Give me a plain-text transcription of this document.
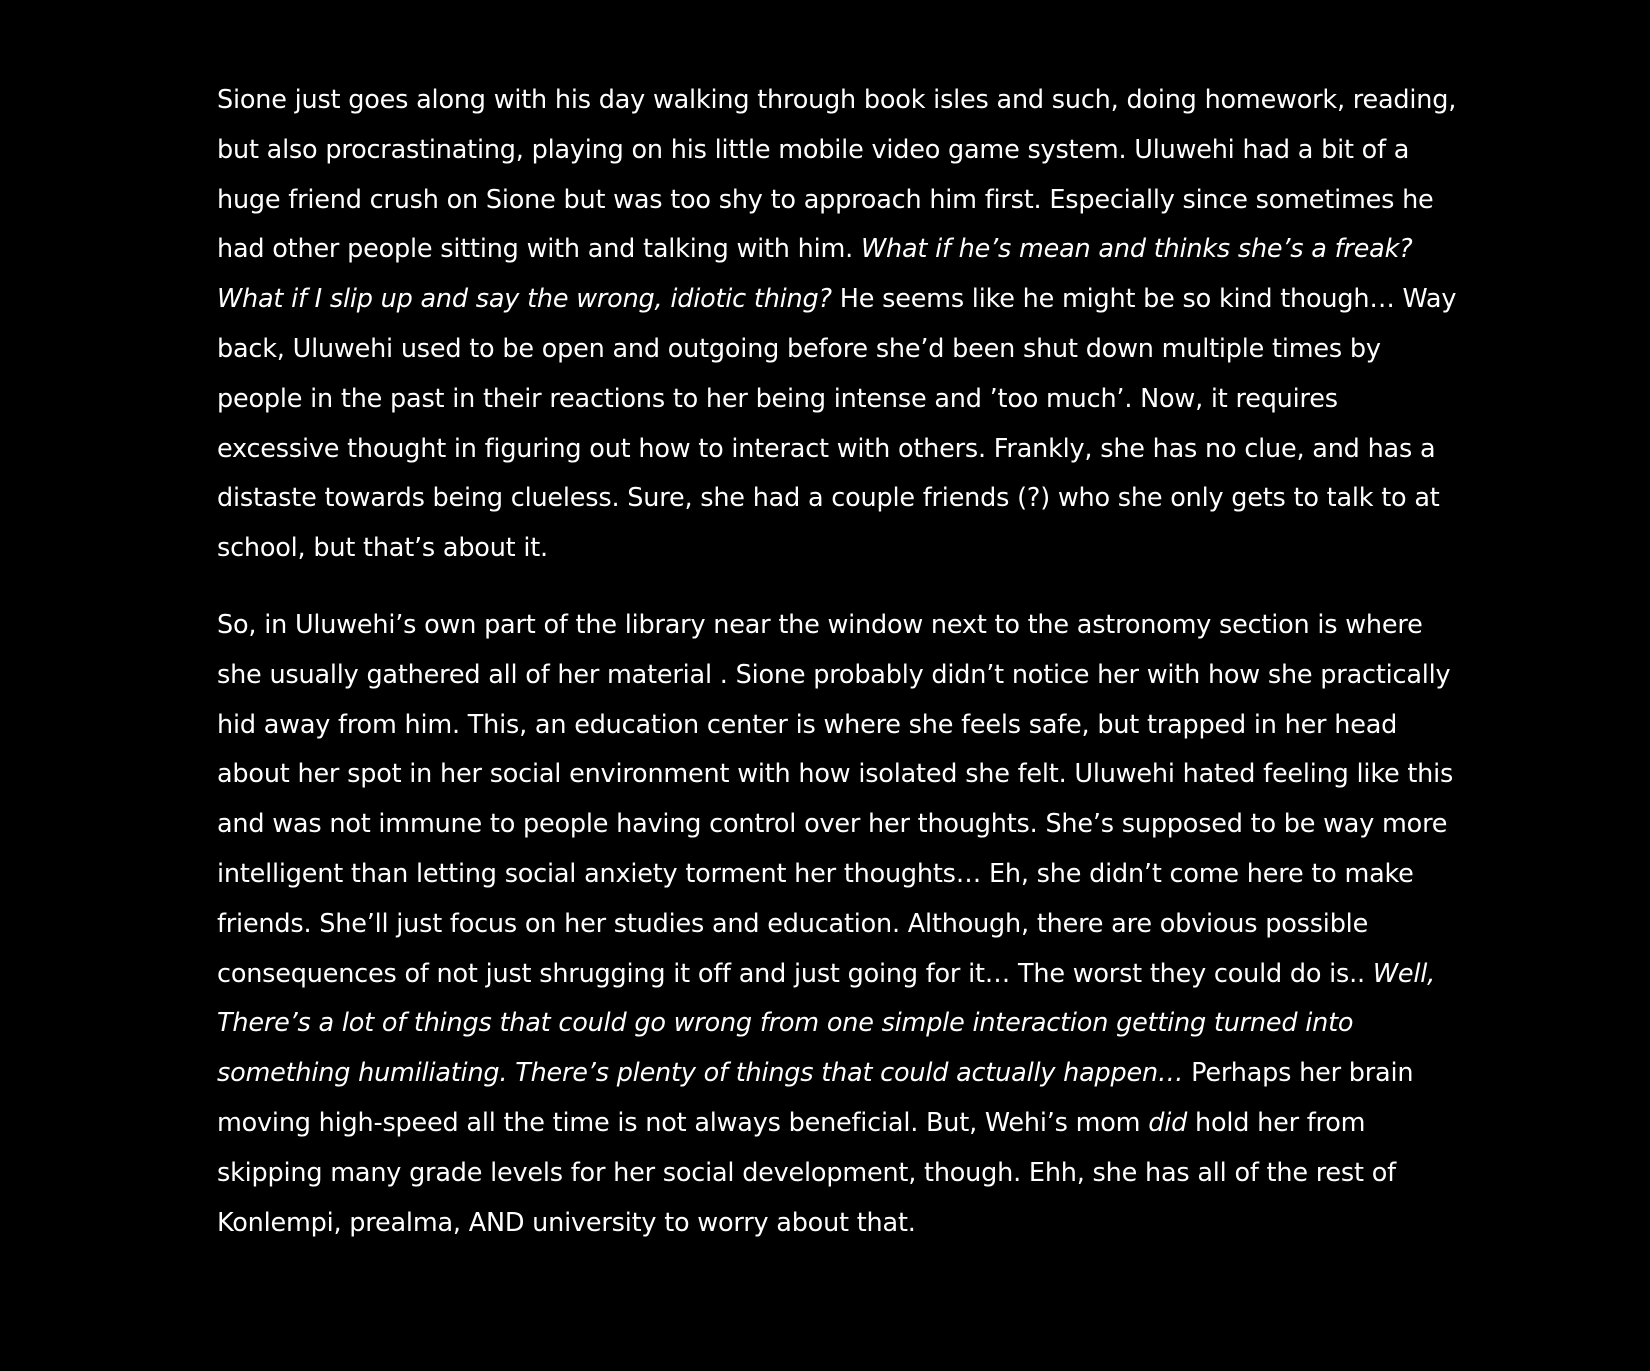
Sione just goes along with his day walking through book isles and such, doing homework, reading, but also procrastinating, playing on his little mobile video game system. Uluwehi had a bit of a huge friend crush on Sione but was too shy to approach him first. Especially since sometimes he had other people sitting with and talking with him. What if he’s mean and thinks she’s a freak? What if I slip up and say the wrong, idiotic thing? He seems like he might be so kind though… Way back, Uluwehi used to be open and outgoing before she’d been shut down multiple times by people in the past in their reactions to her being intense and ’too much’. Now, it requires excessive thought in figuring out how to interact with others. Frankly, she has no clue, and has a distaste towards being clueless. Sure, she had a couple friends (?) who she only gets to talk to at school, but that’s about it.

So, in Uluwehi’s own part of the library near the window next to the astronomy section is where she usually gathered all of her material . Sione probably didn’t notice her with how she practically hid away from him. This, an education center is where she feels safe, but trapped in her head about her spot in her social environment with how isolated she felt. Uluwehi hated feeling like this and was not immune to people having control over her thoughts. She’s supposed to be way more intelligent than letting social anxiety torment her thoughts… Eh, she didn’t come here to make friends. She’ll just focus on her studies and education. Although, there are obvious possible consequences of not just shrugging it off and just going for it… The worst they could do is.. Well, There’s a lot of things that could go wrong from one simple interaction getting turned into something humiliating. There’s plenty of things that could actually happen… Perhaps her brain moving high-speed all the time is not always beneficial. But, Wehi’s mom did hold her from skipping many grade levels for her social development, though. Ehh, she has all of the rest of Konlempi, prealma, AND university to worry about that.
